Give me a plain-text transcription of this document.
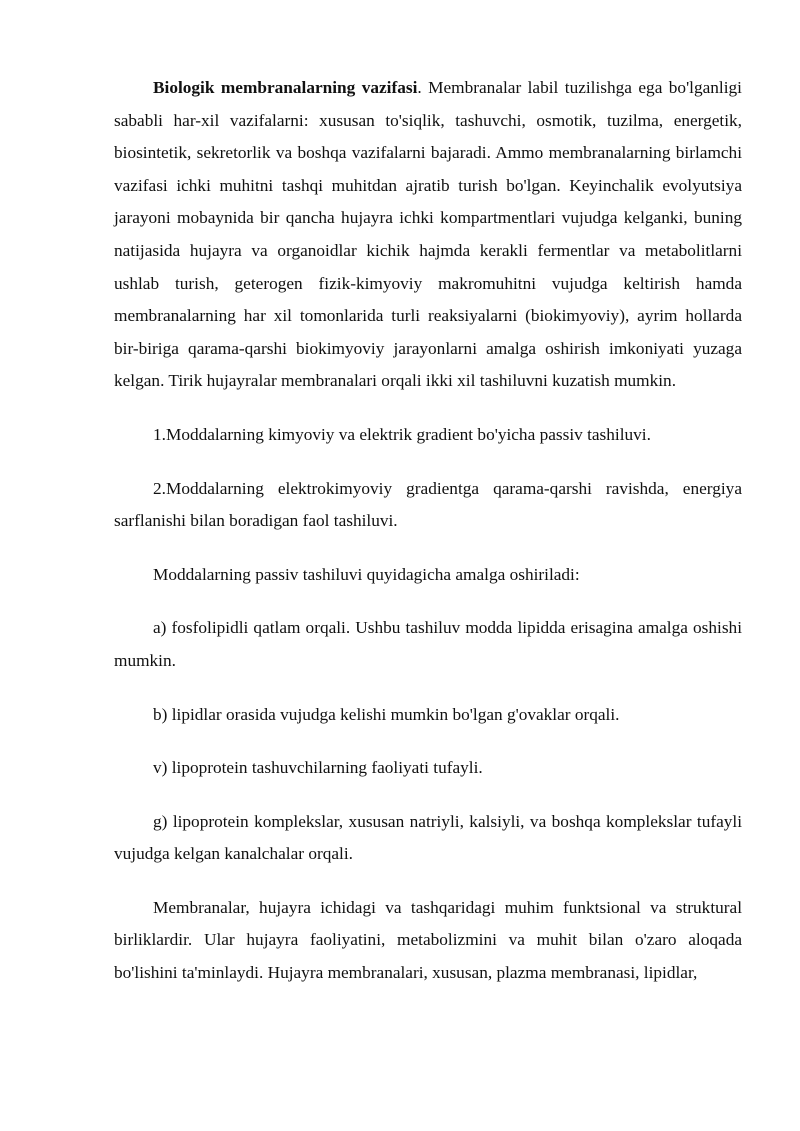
Biologik membranalarning vazifasi. Membranalar labil tuzilishga ega bo'lganligi sababli har-xil vazifalarni: xususan to'siqlik, tashuvchi, osmotik, tuzilma, energetik, biosintetik, sekretorlik va boshqa vazifalarni bajaradi. Ammo membranalarning birlamchi vazifasi ichki muhitni tashqi muhitdan ajratib turish bo'lgan. Keyinchalik evolyutsiya jarayoni mobaynida bir qancha hujayra ichki kompartmentlari vujudga kelganki, buning natijasida hujayra va organoidlar kichik hajmda kerakli fermentlar va metabolitlarni ushlab turish, geterogen fizik-kimyoviy makromuhitni vujudga keltirish hamda membranalarning har xil tomonlarida turli reaksiyalarni (biokimyoviy), ayrim hollarda bir-biriga qarama-qarshi biokimyoviy jarayonlarni amalga oshirish imkoniyati yuzaga kelgan. Tirik hujayralar membranalari orqali ikki xil tashiluvni kuzatish mumkin.

1.Moddalarning kimyoviy va elektrik gradient bo'yicha passiv tashiluvi.

2.Moddalarning elektrokimyoviy gradientga qarama-qarshi ravishda, energiya sarflanishi bilan boradigan faol tashiluvi.

Moddalarning passiv tashiluvi quyidagicha amalga oshiriladi:

a) fosfolipidli qatlam orqali. Ushbu tashiluv modda lipidda erisagina amalga oshishi mumkin.

b) lipidlar orasida vujudga kelishi mumkin bo'lgan g'ovaklar orqali.

v) lipoprotein tashuvchilarning faoliyati tufayli.

g) lipoprotein komplekslar, xususan natriyli, kalsiyli, va boshqa komplekslar tufayli vujudga kelgan kanalchalar orqali.

Membranalar, hujayra ichidagi va tashqaridagi muhim funktsional va struktural birliklardir. Ular hujayra faoliyatini, metabolizmini va muhit bilan o'zaro aloqada bo'lishini ta'minlaydi. Hujayra membranalari, xususan, plazma membranasi, lipidlar,
